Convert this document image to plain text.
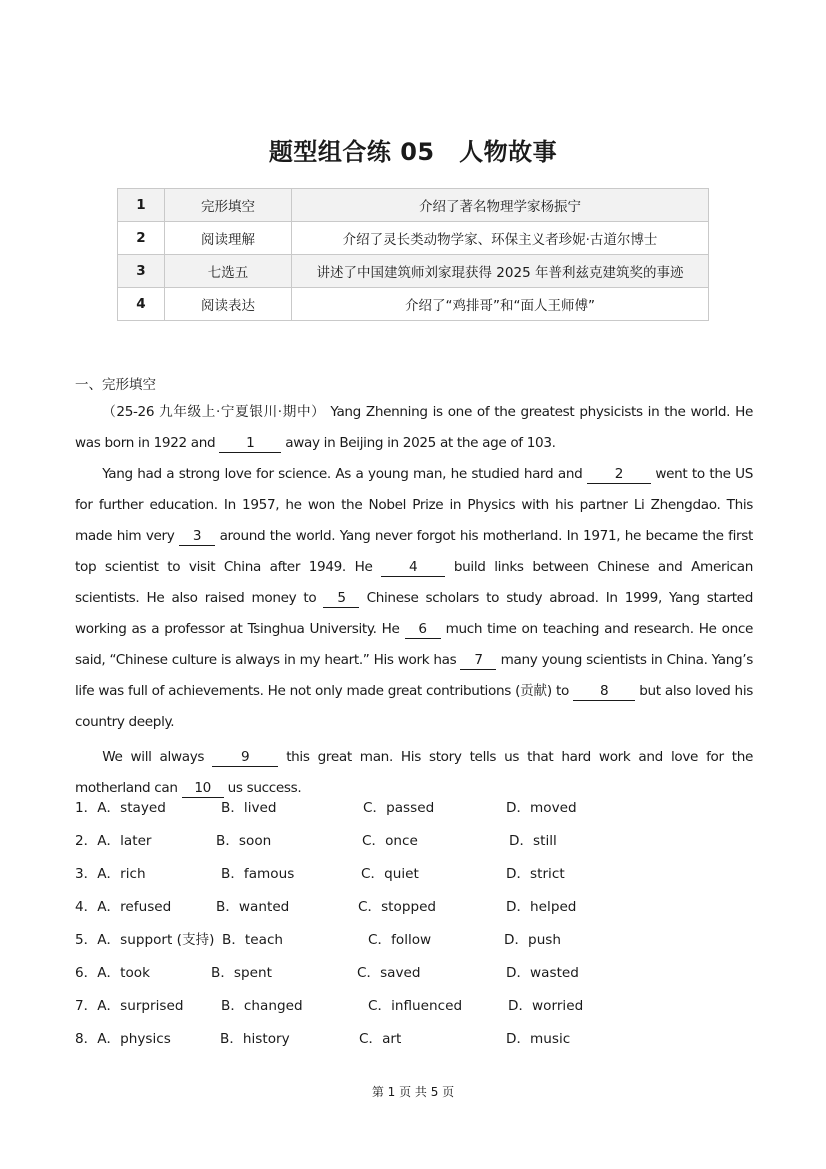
题型组合练 05　人物故事
1	完形填空	介绍了著名物理学家杨振宁
2	阅读理解	介绍了灵长类动物学家、环保主义者珍妮·古道尔博士
3	七选五	讲述了中国建筑师刘家琨获得 2025 年普利兹克建筑奖的事迹
4	阅读表达	介绍了“鸡排哥”和“面人王师傅”
一、完形填空

（25-26 九年级上·宁夏银川·期中） Yang Zhenning is one of the greatest physicists in the world. He was born in 1922 and 1 away in Beijing in 2025 at the age of 103.

Yang had a strong love for science. As a young man, he studied hard and 2 went to the US for further education. In 1957, he won the Nobel Prize in Physics with his partner Li Zhengdao. This made him very 3 around the world. Yang never forgot his motherland. In 1971, he became the first top scientist to visit China after 1949. He	4	build links between Chinese and American scientists. He also raised money to 5 Chinese scholars to study abroad. In 1999, Yang started working as a professor at Tsinghua University. He 6 much time on teaching and research. He once said, “Chinese culture is always in my heart.” His work has 7 many young scientists in China. Yang’s life was full of achievements. He not only made great contributions (贡献) to 8 but also loved his country deeply.

We will always	9	this great man. His story tells us that hard work and love for the motherland can 10 us success.

1．A．stayed	B．lived	C．passed	D．moved
2．A．later	B．soon	C．once	D．still
3．A．rich	B．famous	C．quiet	D．strict
4．A．refused	B．wanted	C．stopped	D．helped
5．A．support (支持) B．teach	C．follow	D．push
6．A．took	B．spent	C．saved	D．wasted
7．A．surprised	B．changed	C．influenced	D．worried
8．A．physics	B．history	C．art	D．music
第 1 页 共 5 页
